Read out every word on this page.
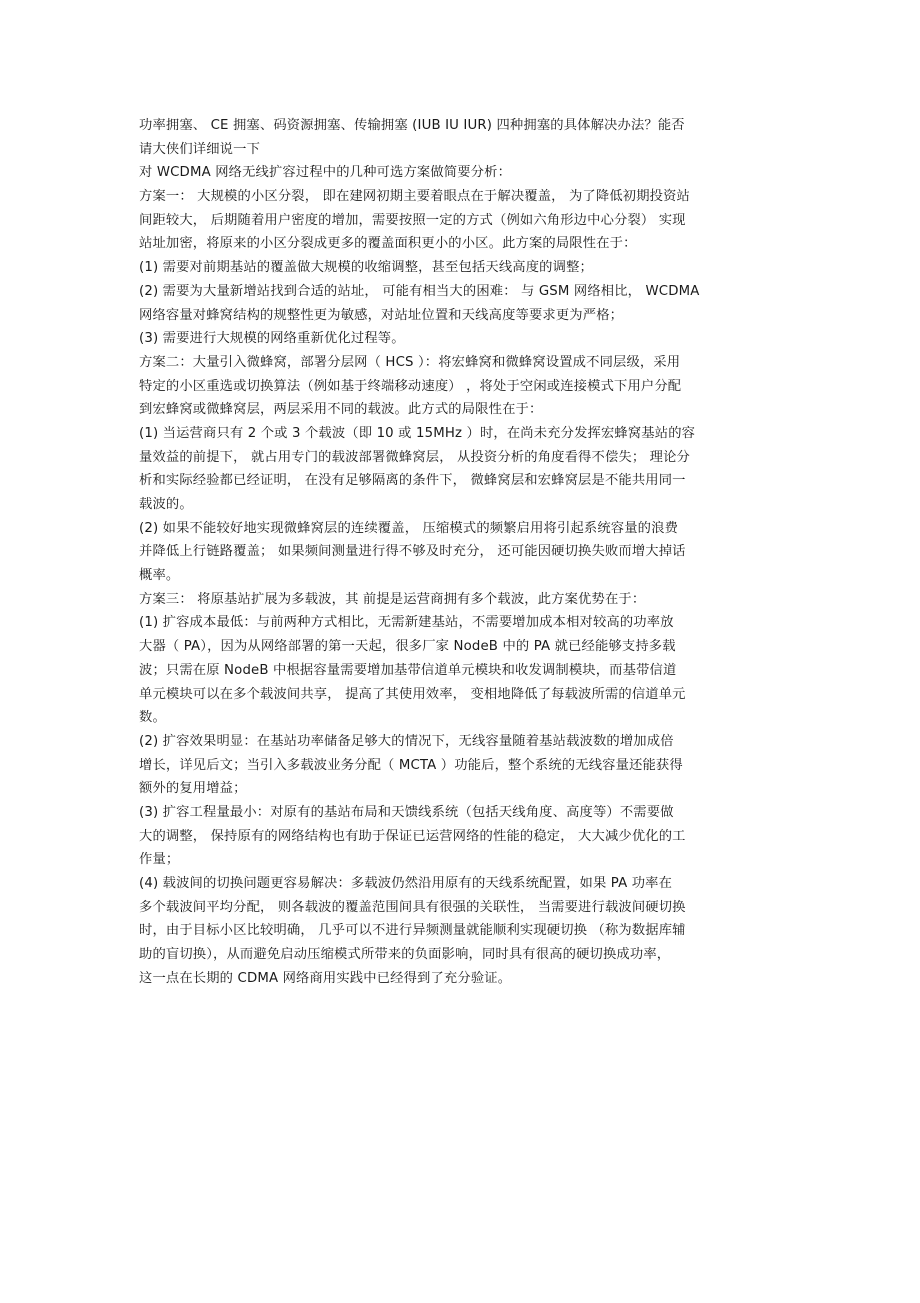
功率拥塞、 CE 拥塞、码资源拥塞、传输拥塞 (IUB IU IUR) 四种拥塞的具体解决办法？能否
请大侠们详细说一下
对 WCDMA 网络无线扩容过程中的几种可选方案做简要分析：
方案一： 大规模的小区分裂， 即在建网初期主要着眼点在于解决覆盖， 为了降低初期投资站
间距较大， 后期随着用户密度的增加，需要按照一定的方式（例如六角形边中心分裂） 实现
站址加密，将原来的小区分裂成更多的覆盖面积更小的小区。此方案的局限性在于：
(1) 需要对前期基站的覆盖做大规模的收缩调整，甚至包括天线高度的调整；
(2) 需要为大量新增站找到合适的站址， 可能有相当大的困难： 与 GSM 网络相比， WCDMA
网络容量对蜂窝结构的规整性更为敏感，对站址位置和天线高度等要求更为严格；
(3) 需要进行大规模的网络重新优化过程等。
方案二：大量引入微蜂窝，部署分层网（ HCS ）：将宏蜂窝和微蜂窝设置成不同层级，采用
特定的小区重选或切换算法（例如基于终端移动速度） ，将处于空闲或连接模式下用户分配
到宏蜂窝或微蜂窝层，两层采用不同的载波。此方式的局限性在于：
(1) 当运营商只有 2 个或 3 个载波（即 10 或 15MHz ）时，在尚未充分发挥宏蜂窝基站的容
量效益的前提下， 就占用专门的载波部署微蜂窝层， 从投资分析的角度看得不偿失； 理论分
析和实际经验都已经证明， 在没有足够隔离的条件下， 微蜂窝层和宏蜂窝层是不能共用同一
载波的。
(2) 如果不能较好地实现微蜂窝层的连续覆盖， 压缩模式的频繁启用将引起系统容量的浪费
并降低上行链路覆盖； 如果频间测量进行得不够及时充分， 还可能因硬切换失败而增大掉话
概率。
方案三： 将原基站扩展为多载波，其 前提是运营商拥有多个载波，此方案优势在于：
(1) 扩容成本最低：与前两种方式相比，无需新建基站，不需要增加成本相对较高的功率放
大器（ PA），因为从网络部署的第一天起，很多厂家 NodeB 中的 PA 就已经能够支持多载
波；只需在原 NodeB 中根据容量需要增加基带信道单元模块和收发调制模块，而基带信道
单元模块可以在多个载波间共享， 提高了其使用效率， 变相地降低了每载波所需的信道单元
数。
(2) 扩容效果明显：在基站功率储备足够大的情况下，无线容量随着基站载波数的增加成倍
增长，详见后文；当引入多载波业务分配（ MCTA ）功能后，整个系统的无线容量还能获得
额外的复用增益；
(3) 扩容工程量最小：对原有的基站布局和天馈线系统（包括天线角度、高度等）不需要做
大的调整， 保持原有的网络结构也有助于保证已运营网络的性能的稳定， 大大减少优化的工
作量；
(4) 载波间的切换问题更容易解决：多载波仍然沿用原有的天线系统配置，如果 PA 功率在
多个载波间平均分配， 则各载波的覆盖范围间具有很强的关联性， 当需要进行载波间硬切换
时，由于目标小区比较明确， 几乎可以不进行异频测量就能顺利实现硬切换 （称为数据库辅
助的盲切换），从而避免启动压缩模式所带来的负面影响，同时具有很高的硬切换成功率，
这一点在长期的 CDMA 网络商用实践中已经得到了充分验证。
